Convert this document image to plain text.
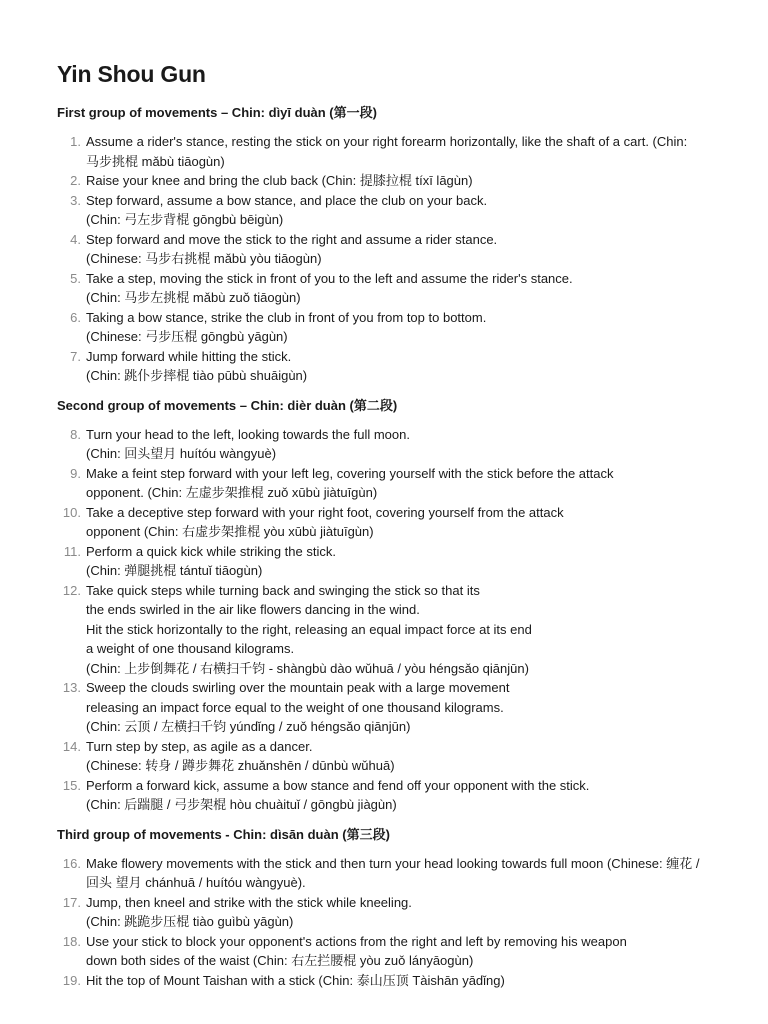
Yin Shou Gun
First group of movements – Chin: dìyī duàn (第一段)
1. Assume a rider's stance, resting the stick on your right forearm horizontally, like the shaft of a cart. (Chin:
马步挑棍 mǎbù tiāogùn)
2. Raise your knee and bring the club back (Chin: 提膝拉棍 tíxī lāgùn)
3. Step forward, assume a bow stance, and place the club on your back.
(Chin: 弓左步背棍 gōngbù bēigùn)
4. Step forward and move the stick to the right and assume a rider stance.
(Chinese: 马步右挑棍 mǎbù yòu tiāogùn)
5. Take a step, moving the stick in front of you to the left and assume the rider's stance.
(Chin: 马步左挑棍 mǎbù zuǒ tiāogùn)
6. Taking a bow stance, strike the club in front of you from top to bottom.
(Chinese: 弓步压棍 gōngbù yāgùn)
7. Jump forward while hitting the stick.
(Chin: 跳仆步摔棍 tiào pūbù shuāigùn)
Second group of movements – Chin: dièr duàn (第二段)
8. Turn your head to the left, looking towards the full moon.
(Chin: 回头望月 huítóu wàngyuè)
9. Make a feint step forward with your left leg, covering yourself with the stick before the attack
opponent. (Chin: 左虚步架推棍 zuǒ xūbù jiàtuīgùn)
10. Take a deceptive step forward with your right foot, covering yourself from the attack
opponent (Chin: 右虚步架推棍 yòu xūbù jiàtuīgùn)
11. Perform a quick kick while striking the stick.
(Chin: 弹腿挑棍 tántuǐ tiāogùn)
12. Take quick steps while turning back and swinging the stick so that its
the ends swirled in the air like flowers dancing in the wind.
Hit the stick horizontally to the right, releasing an equal impact force at its end
a weight of one thousand kilograms.
(Chin: 上步倒舞花 / 右横扫千钧 - shàngbù dào wǔhuā / yòu héngsǎo qiānjūn)
13. Sweep the clouds swirling over the mountain peak with a large movement
releasing an impact force equal to the weight of one thousand kilograms.
(Chin: 云顶 / 左横扫千钧 yúndǐng / zuǒ héngsǎo qiānjūn)
14. Turn step by step, as agile as a dancer.
(Chinese: 转身 / 蹲步舞花 zhuǎnshēn / dūnbù wǔhuā)
15. Perform a forward kick, assume a bow stance and fend off your opponent with the stick.
(Chin: 后踹腿 / 弓步架棍 hòu chuàituǐ / gōngbù jiàgùn)
Third group of movements - Chin: dìsān duàn (第三段)
16. Make flowery movements with the stick and then turn your head looking towards full moon (Chinese: 缠花 /
回头 望月 chánhuā / huítóu wàngyuè).
17. Jump, then kneel and strike with the stick while kneeling.
(Chin: 跳跪步压棍 tiào guìbù yāgùn)
18. Use your stick to block your opponent's actions from the right and left by removing his weapon
down both sides of the waist (Chin: 右左拦腰棍 yòu zuǒ lányāogùn)
19. Hit the top of Mount Taishan with a stick (Chin: 泰山压顶 Tàishān yādǐng)
